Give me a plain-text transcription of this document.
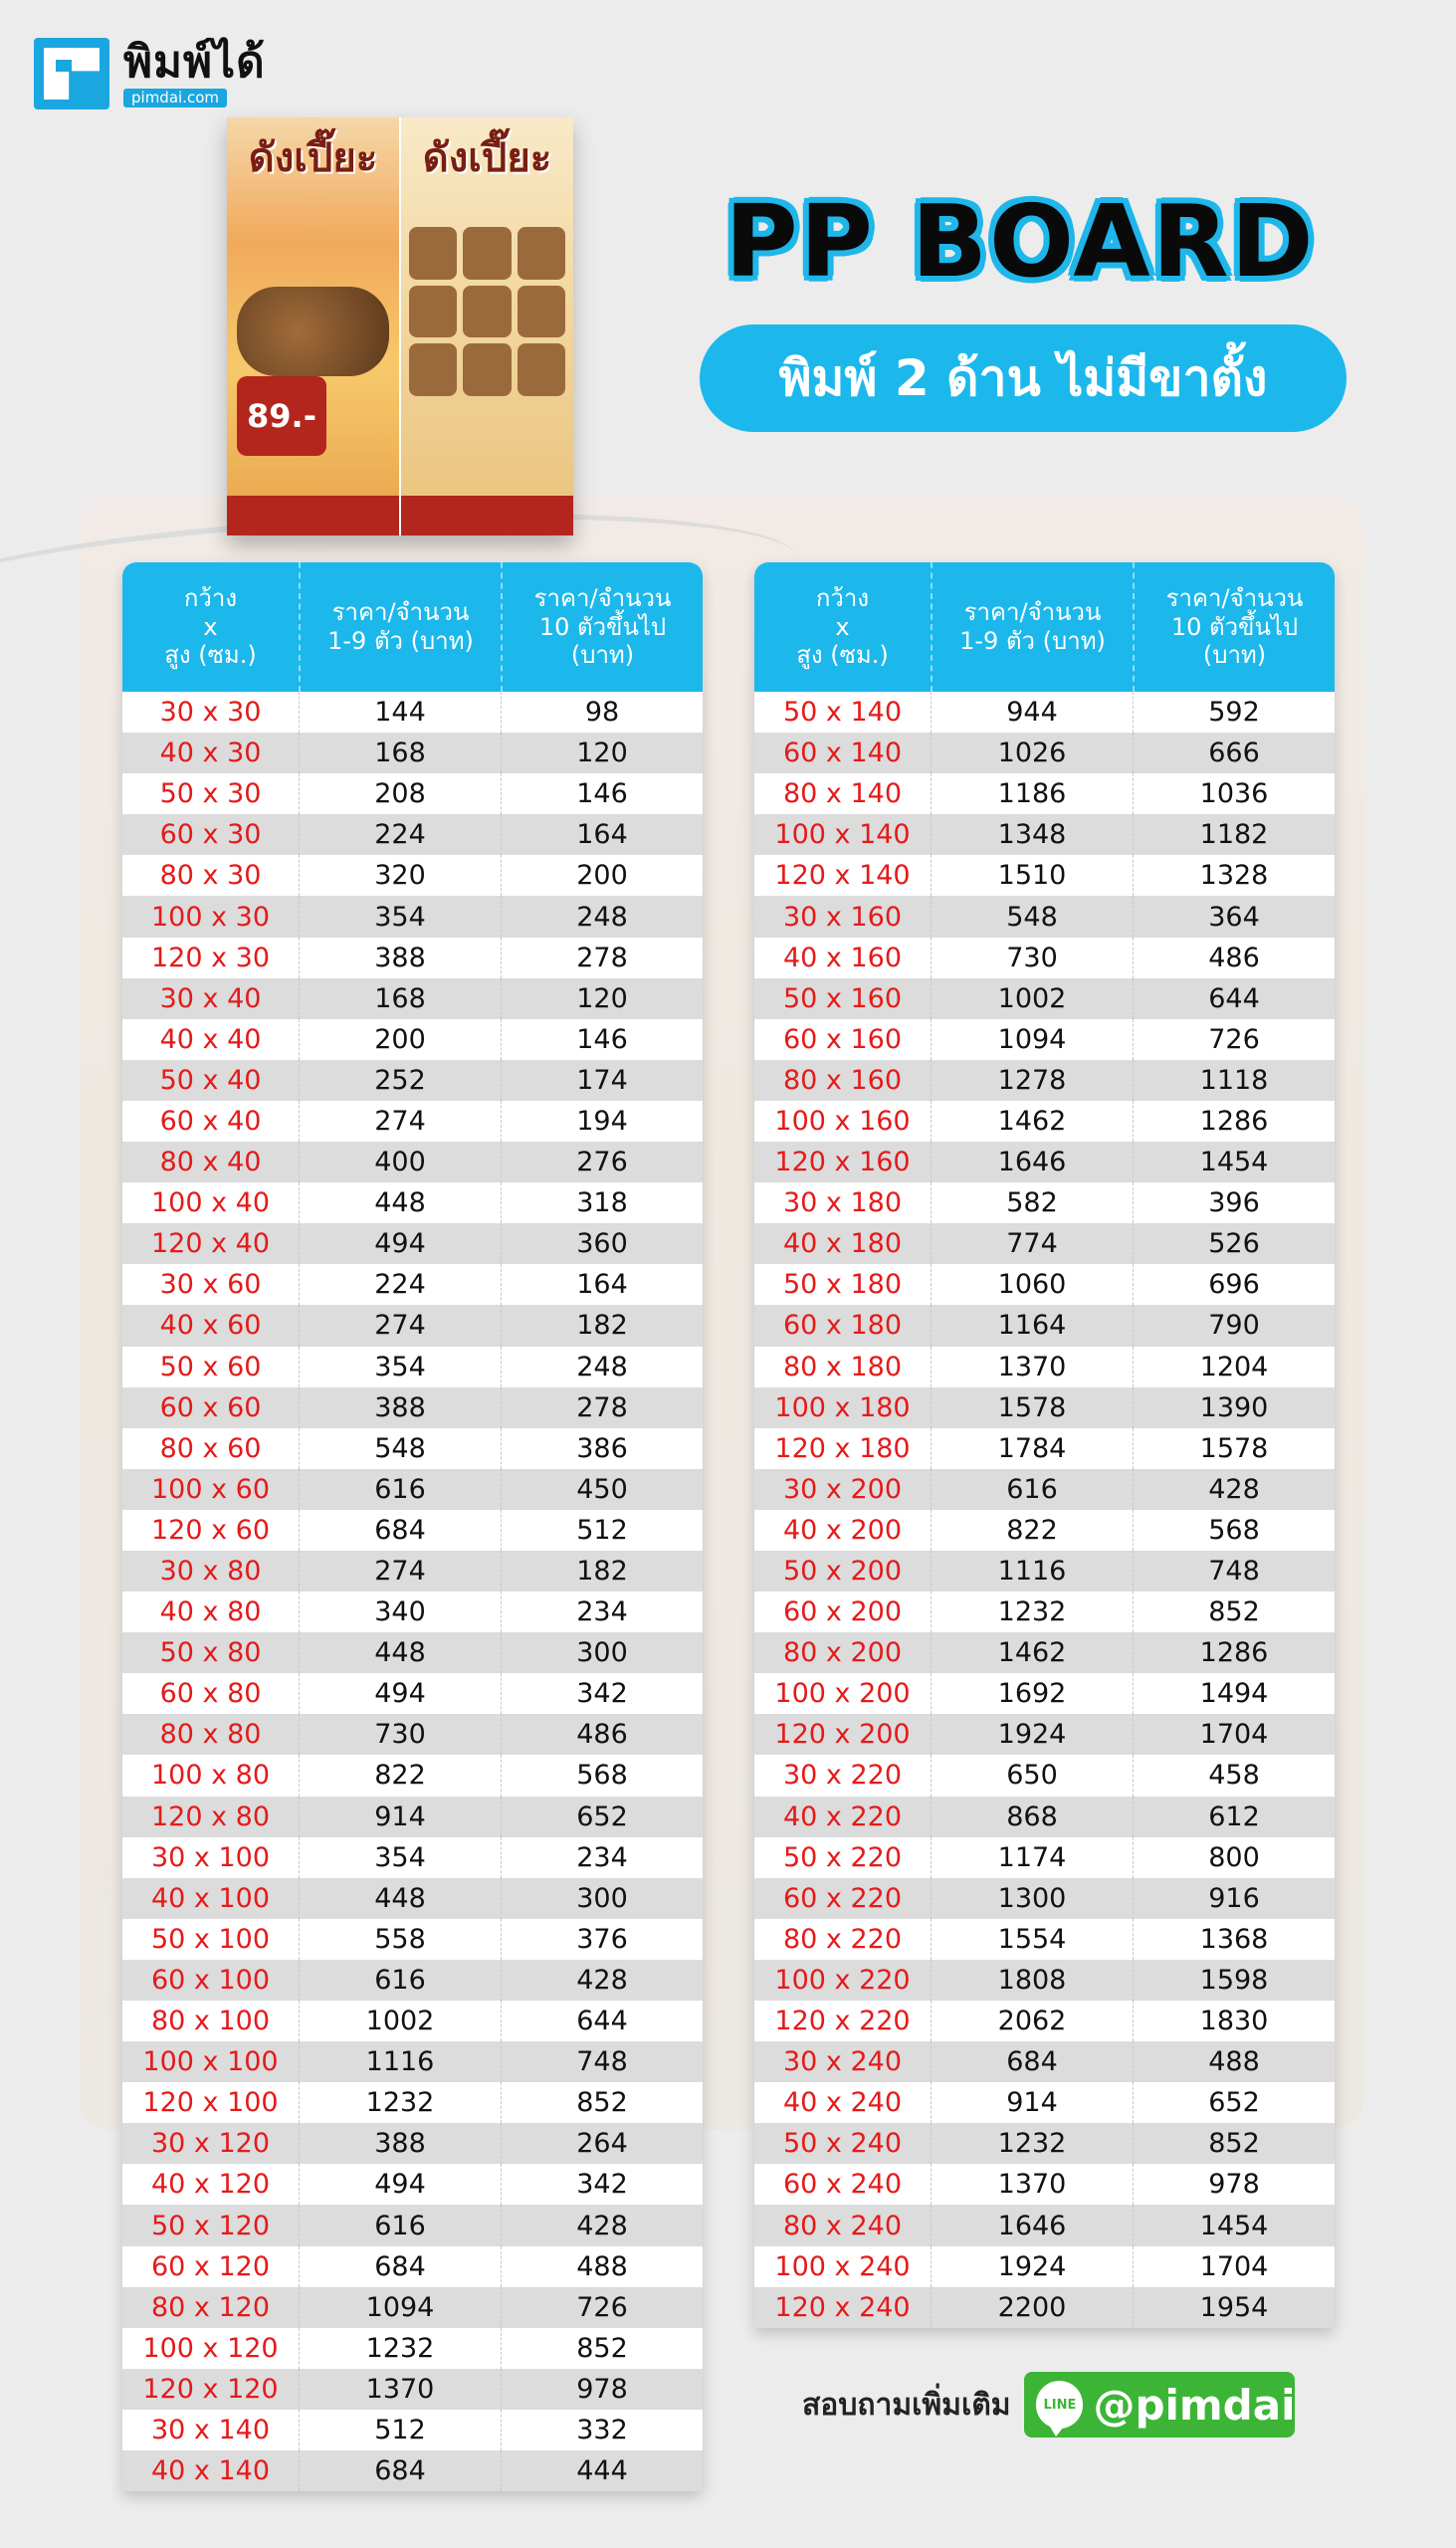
พิมพ์ได้
pimdai.com
ดังเปี๊ยะ
89.-
ดังเปี๊ยะ
PP BOARD
พิมพ์ 2 ด้าน ไม่มีขาตั้ง
กว้าง
x
สูง (ซม.)
ราคา/จำนวน
1-9 ตัว (บาท)
ราคา/จำนวน
10 ตัวขึ้นไป
(บาท)
30 x 30	144	98
40 x 30	168	120
50 x 30	208	146
60 x 30	224	164
80 x 30	320	200
100 x 30	354	248
120 x 30	388	278
30 x 40	168	120
40 x 40	200	146
50 x 40	252	174
60 x 40	274	194
80 x 40	400	276
100 x 40	448	318
120 x 40	494	360
30 x 60	224	164
40 x 60	274	182
50 x 60	354	248
60 x 60	388	278
80 x 60	548	386
100 x 60	616	450
120 x 60	684	512
30 x 80	274	182
40 x 80	340	234
50 x 80	448	300
60 x 80	494	342
80 x 80	730	486
100 x 80	822	568
120 x 80	914	652
30 x 100	354	234
40 x 100	448	300
50 x 100	558	376
60 x 100	616	428
80 x 100	1002	644
100 x 100	1116	748
120 x 100	1232	852
30 x 120	388	264
40 x 120	494	342
50 x 120	616	428
60 x 120	684	488
80 x 120	1094	726
100 x 120	1232	852
120 x 120	1370	978
30 x 140	512	332
40 x 140	684	444
กว้าง
x
สูง (ซม.)
ราคา/จำนวน
1-9 ตัว (บาท)
ราคา/จำนวน
10 ตัวขึ้นไป
(บาท)
50 x 140	944	592
60 x 140	1026	666
80 x 140	1186	1036
100 x 140	1348	1182
120 x 140	1510	1328
30 x 160	548	364
40 x 160	730	486
50 x 160	1002	644
60 x 160	1094	726
80 x 160	1278	1118
100 x 160	1462	1286
120 x 160	1646	1454
30 x 180	582	396
40 x 180	774	526
50 x 180	1060	696
60 x 180	1164	790
80 x 180	1370	1204
100 x 180	1578	1390
120 x 180	1784	1578
30 x 200	616	428
40 x 200	822	568
50 x 200	1116	748
60 x 200	1232	852
80 x 200	1462	1286
100 x 200	1692	1494
120 x 200	1924	1704
30 x 220	650	458
40 x 220	868	612
50 x 220	1174	800
60 x 220	1300	916
80 x 220	1554	1368
100 x 220	1808	1598
120 x 220	2062	1830
30 x 240	684	488
40 x 240	914	652
50 x 240	1232	852
60 x 240	1370	978
80 x 240	1646	1454
100 x 240	1924	1704
120 x 240	2200	1954
สอบถามเพิ่มเติม	LINE @pimdai
